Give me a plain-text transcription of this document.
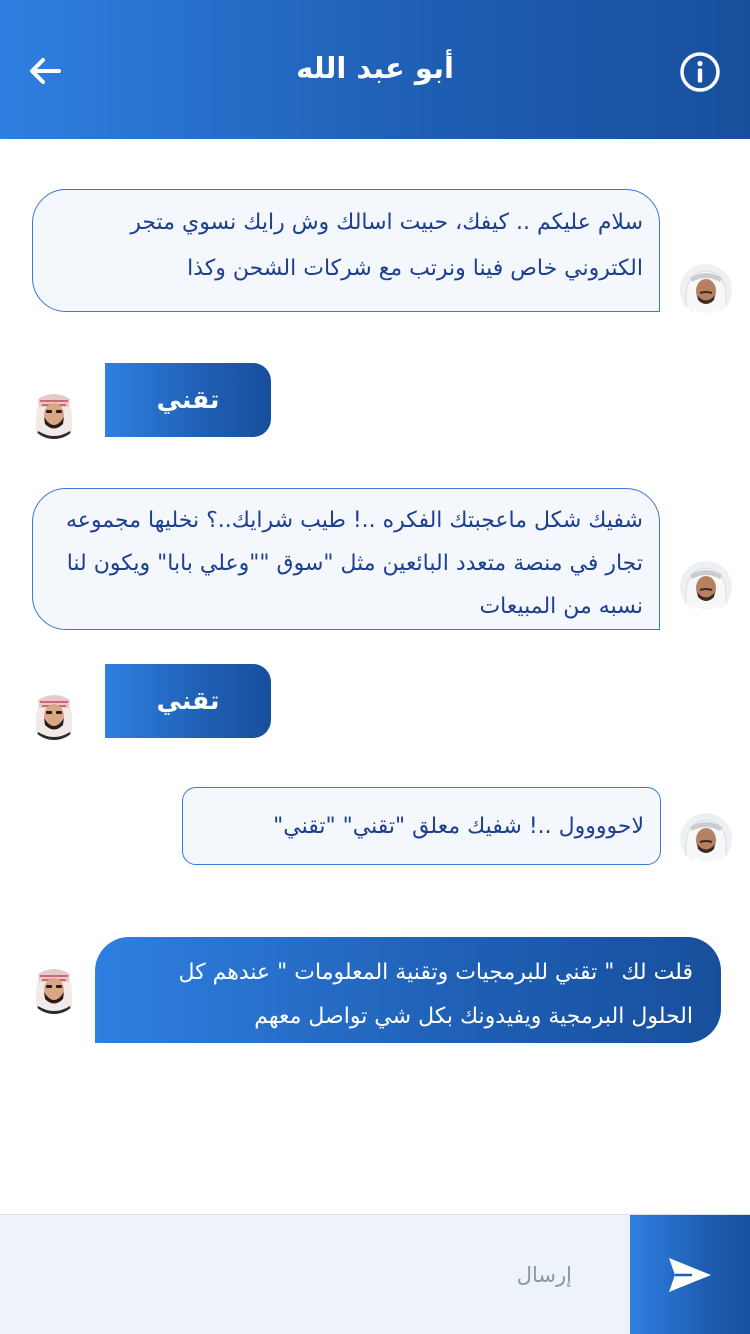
أبو عبد الله
سلام عليكم .. كيفك، حبيت اسالك وش رايك نسوي متجر الكتروني خاص فينا ونرتب مع شركات الشحن وكذا
تقني
شفيك شكل ماعجبتك الفكره ..! طيب شرايك..؟ نخليها مجموعه تجار في منصة متعدد البائعين مثل "سوق ""وعلي بابا" ويكون لنا نسبه من المبيعات
تقني
لاحوووول ..! شفيك معلق "تقني" "تقني"
قلت لك " تقني للبرمجيات وتقنية المعلومات " عندهم كل الحلول البرمجية ويفيدونك بكل شي تواصل معهم
إرسال
